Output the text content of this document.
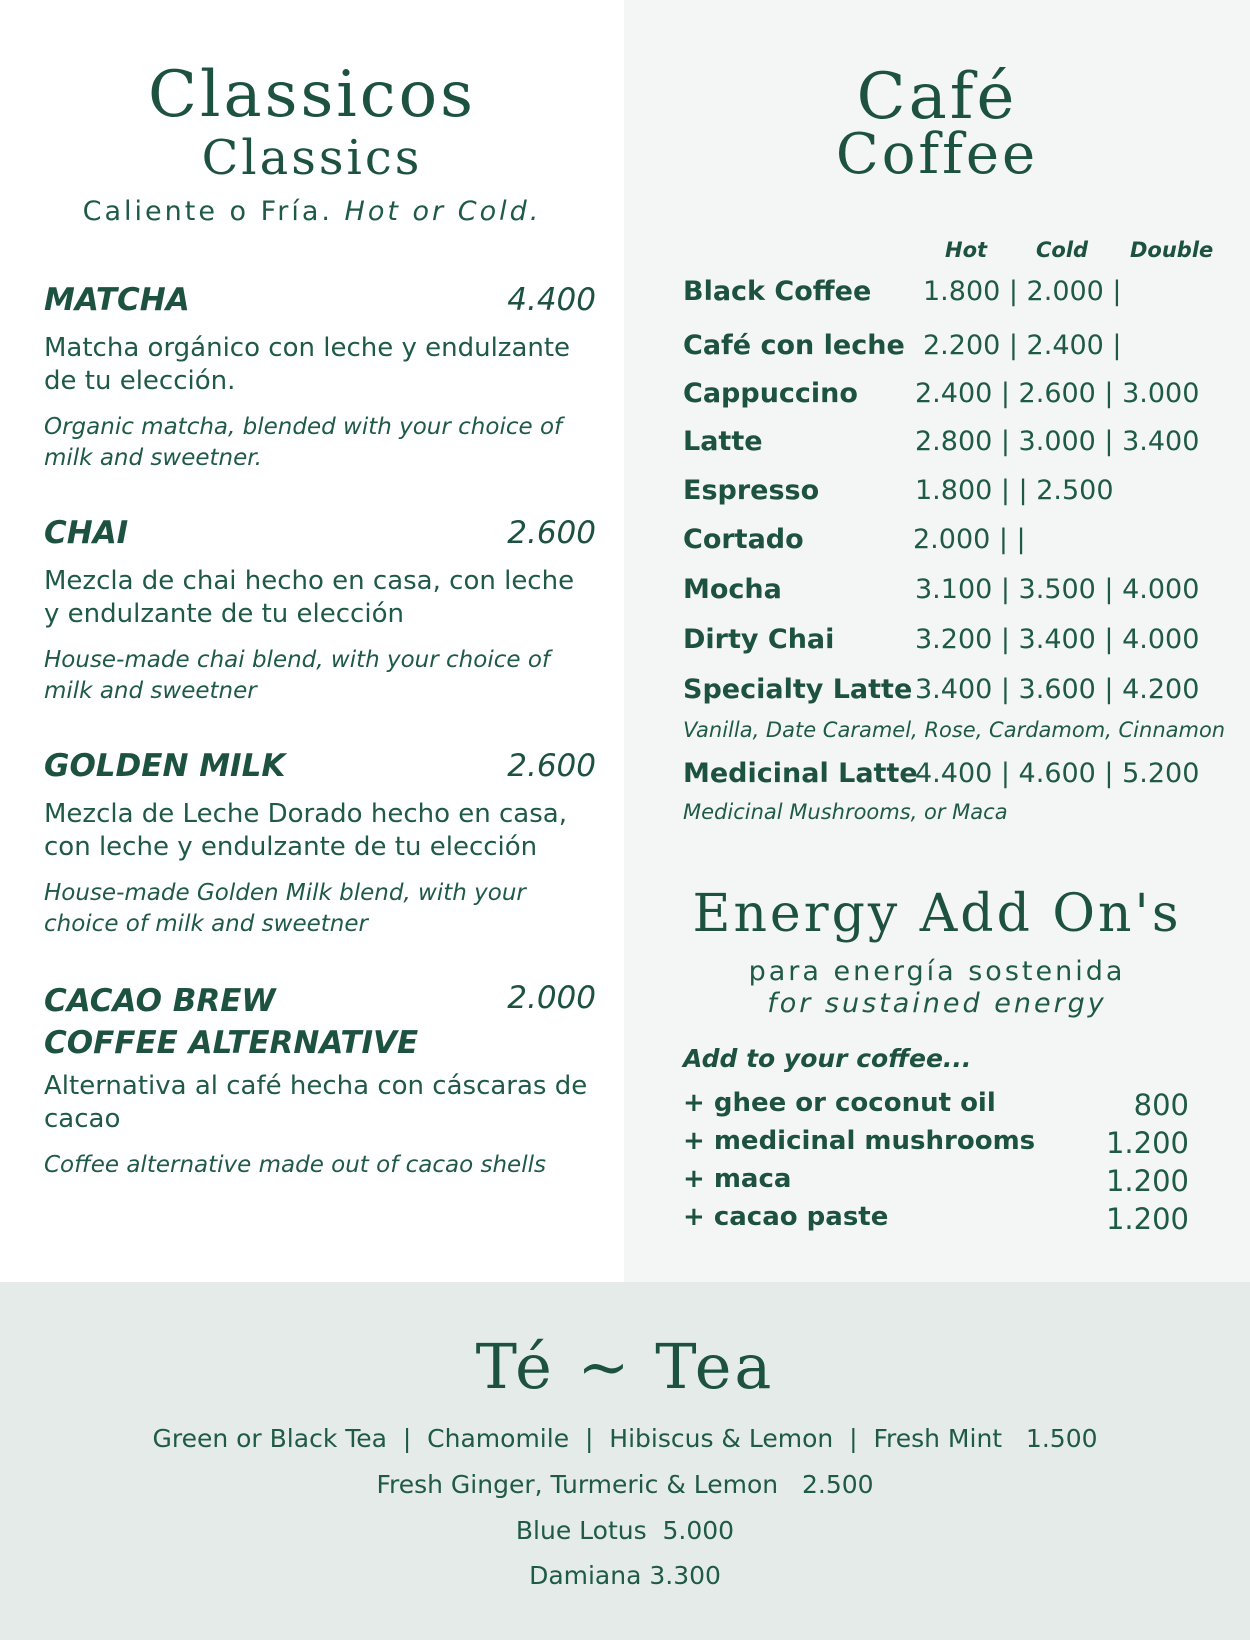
Classicos
Classics
Caliente o Fría. Hot or Cold.
MATCHA	4.400
Matcha orgánico con leche y endulzante de tu elección.
Organic matcha, blended with your choice of milk and sweetner.
CHAI	2.600
Mezcla de chai hecho en casa, con leche y endulzante de tu elección
House-made chai blend, with your choice of milk and sweetner
GOLDEN MILK	2.600
Mezcla de Leche Dorado hecho en casa, con leche y endulzante de tu elección
House-made Golden Milk blend, with your choice of milk and sweetner
CACAO BREW
COFFEE ALTERNATIVE
2.000
Alternativa al café hecha con cáscaras de cacao
Coffee alternative made out of cacao shells
Café
Coffee
Hot Cold Double
Black Coffee 1.800 | 2.000 |
Café con leche 2.200 | 2.400 |
Cappuccino 2.400 | 2.600 | 3.000
Latte	2.800 | 3.000 | 3.400
Espresso	1.800 | | 2.500
Cortado	2.000 | |
Mocha	3.100 | 3.500 | 4.000
Dirty Chai	3.200 | 3.400 | 4.000
Specialty Latte 3.400 | 3.600 | 4.200
Vanilla, Date Caramel, Rose, Cardamom, Cinnamon
Medicinal Latte
4.400 | 4.600 | 5.200
Medicinal Mushrooms, or Maca
Energy Add On's
para energía sostenida
for sustained energy
Add to your coffee...
+ ghee or coconut oil	800
+ medicinal mushrooms 1.200
+ maca	1.200
+ cacao paste	1.200
Té ~ Tea
Green or Black Tea  |  Chamomile  |  Hibiscus & Lemon  |  Fresh Mint   1.500
Fresh Ginger, Turmeric & Lemon   2.500
Blue Lotus  5.000
Damiana 3.300
